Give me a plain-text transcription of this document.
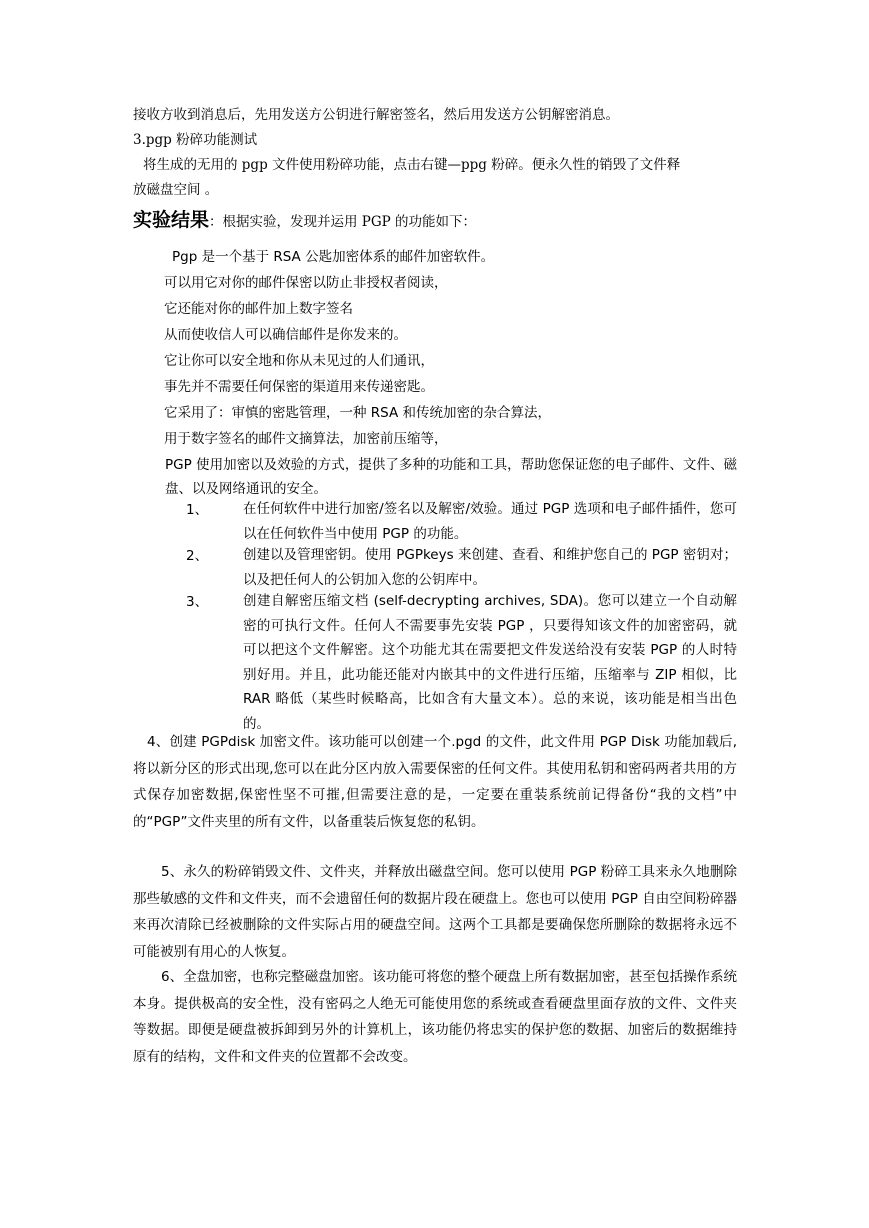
接收方收到消息后，先用发送方公钥进行解密签名，然后用发送方公钥解密消息。
3.pgp 粉碎功能测试
将生成的无用的 pgp 文件使用粉碎功能，点击右键—ppg 粉碎。便永久性的销毁了文件释
放磁盘空间 。
实验结果：根据实验，发现并运用 PGP 的功能如下：
Pgp 是一个基于 RSA 公匙加密体系的邮件加密软件。
可以用它对你的邮件保密以防止非授权者阅读，
它还能对你的邮件加上数字签名
从而使收信人可以确信邮件是你发来的。
它让你可以安全地和你从未见过的人们通讯，
事先并不需要任何保密的渠道用来传递密匙。
它采用了：审慎的密匙管理，一种 RSA 和传统加密的杂合算法，
用于数字签名的邮件文摘算法，加密前压缩等，
PGP 使用加密以及效验的方式，提供了多种的功能和工具，帮助您保证您的电子邮件、文件、磁盘、以及网络通讯的安全。
1、	在任何软件中进行加密/签名以及解密/效验。通过 PGP 选项和电子邮件插件，您可以在任何软件当中使用 PGP 的功能。
2、	创建以及管理密钥。使用 PGPkeys 来创建、查看、和维护您自己的 PGP 密钥对；以及把任何人的公钥加入您的公钥库中。
3、	创建自解密压缩文档 (self-decrypting archives, SDA)。您可以建立一个自动解密的可执行文件。任何人不需要事先安装 PGP ，只要得知该文件的加密密码，就可以把这个文件解密。这个功能尤其在需要把文件发送给没有安装 PGP 的人时特别好用。并且，此功能还能对内嵌其中的文件进行压缩，压缩率与 ZIP 相似，比 RAR 略低（某些时候略高，比如含有大量文本）。总的来说，该功能是相当出色的。
4、创建 PGPdisk 加密文件。该功能可以创建一个.pgd 的文件，此文件用 PGP Disk 功能加载后,将以新分区的形式出现,您可以在此分区内放入需要保密的任何文件。其使用私钥和密码两者共用的方式保存加密数据,保密性坚不可摧,但需要注意的是，一定要在重装系统前记得备份“我的文档”中的“PGP”文件夹里的所有文件，以备重装后恢复您的私钥。
5、永久的粉碎销毁文件、文件夹，并释放出磁盘空间。您可以使用 PGP 粉碎工具来永久地删除那些敏感的文件和文件夹，而不会遗留任何的数据片段在硬盘上。您也可以使用 PGP 自由空间粉碎器来再次清除已经被删除的文件实际占用的硬盘空间。这两个工具都是要确保您所删除的数据将永远不可能被别有用心的人恢复。
6、全盘加密，也称完整磁盘加密。该功能可将您的整个硬盘上所有数据加密，甚至包括操作系统本身。提供极高的安全性，没有密码之人绝无可能使用您的系统或查看硬盘里面存放的文件、文件夹等数据。即便是硬盘被拆卸到另外的计算机上，该功能仍将忠实的保护您的数据、加密后的数据维持原有的结构，文件和文件夹的位置都不会改变。
